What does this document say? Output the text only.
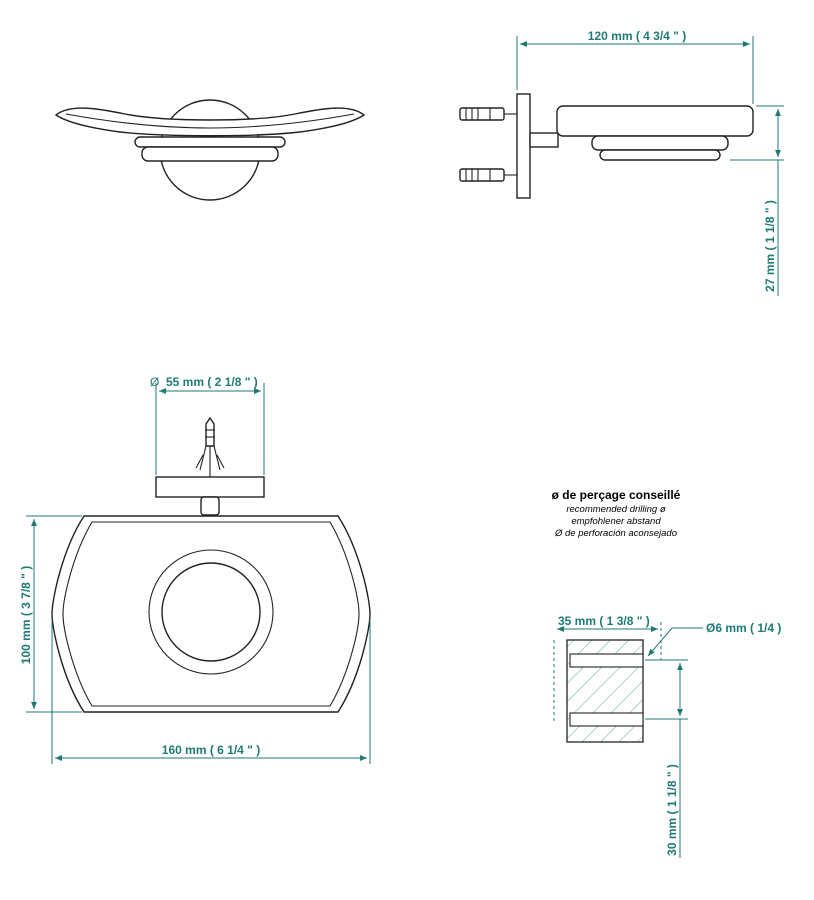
120 mm ( 4 3/4 " )
27 mm ( 1 1/8 " )
Ø 55 mm ( 2 1/8 " )
100 mm ( 3 7/8 " )
160 mm ( 6 1/4 " )
ø de perçage conseillé
recommended drilling ø
empfohlener abstand
Ø de perforación aconsejado
35 mm ( 1 3/8 " )	Ø6 mm ( 1/4 )
30 mm ( 1 1/8 " )
